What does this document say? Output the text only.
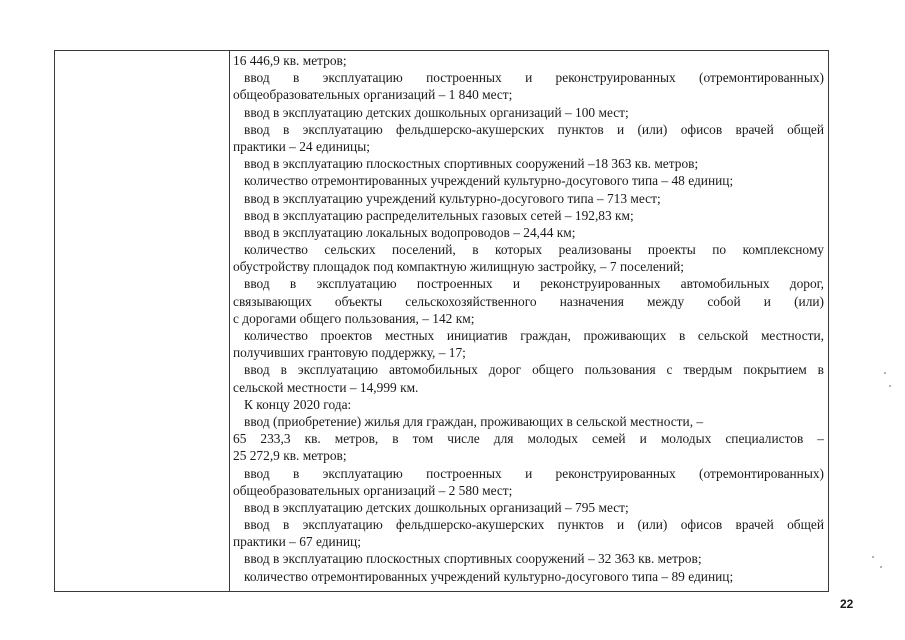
16 446,9 кв. метров;
ввод в эксплуатацию построенных и реконструированных (отремонтированных)
общеобразовательных организаций – 1 840 мест;
ввод в эксплуатацию детских дошкольных организаций – 100 мест;
ввод в эксплуатацию фельдшерско-акушерских пунктов и (или) офисов врачей общей
практики – 24 единицы;
ввод в эксплуатацию плоскостных спортивных сооружений –18 363 кв. метров;
количество отремонтированных учреждений культурно-досугового типа – 48 единиц;
ввод в эксплуатацию учреждений культурно-досугового типа – 713 мест;
ввод в эксплуатацию распределительных газовых сетей – 192,83 км;
ввод в эксплуатацию локальных водопроводов – 24,44 км;
количество сельских поселений, в которых реализованы проекты по комплексному
обустройству площадок под компактную жилищную застройку, – 7 поселений;
ввод в эксплуатацию построенных и реконструированных автомобильных дорог,
связывающих объекты сельскохозяйственного назначения между собой и (или)
с дорогами общего пользования, – 142 км;
количество проектов местных инициатив граждан, проживающих в сельской местности,
получивших грантовую поддержку, – 17;
ввод в эксплуатацию автомобильных дорог общего пользования с твердым покрытием в
сельской местности – 14,999 км.
К концу 2020 года:
ввод (приобретение) жилья для граждан, проживающих в сельской местности, –
65 233,3 кв. метров, в том числе для молодых семей и молодых специалистов –
25 272,9 кв. метров;
ввод в эксплуатацию построенных и реконструированных (отремонтированных)
общеобразовательных организаций – 2 580 мест;
ввод в эксплуатацию детских дошкольных организаций – 795 мест;
ввод в эксплуатацию фельдшерско-акушерских пунктов и (или) офисов врачей общей
практики – 67 единиц;
ввод в эксплуатацию плоскостных спортивных сооружений – 32 363 кв. метров;
количество отремонтированных учреждений культурно-досугового типа – 89 единиц;
22
